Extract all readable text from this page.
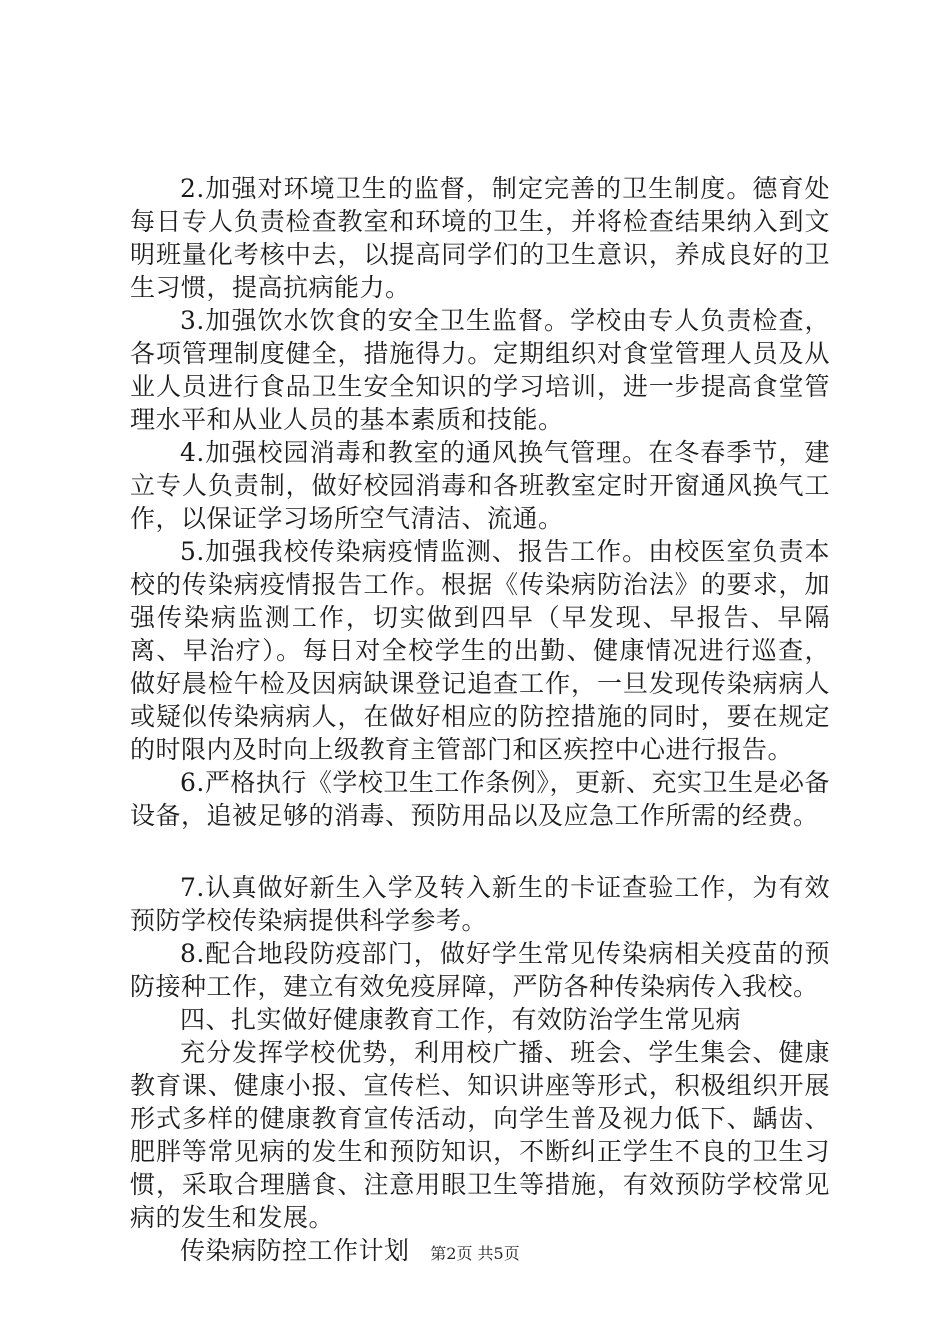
2.加强对环境卫生的监督，制定完善的卫生制度。德育处每日专人负责检查教室和环境的卫生，并将检查结果纳入到文明班量化考核中去，以提高同学们的卫生意识，养成良好的卫生习惯，提高抗病能力。

3.加强饮水饮食的安全卫生监督。学校由专人负责检查，各项管理制度健全，措施得力。定期组织对食堂管理人员及从业人员进行食品卫生安全知识的学习培训，进一步提高食堂管理水平和从业人员的基本素质和技能。

4.加强校园消毒和教室的通风换气管理。在冬春季节，建立专人负责制，做好校园消毒和各班教室定时开窗通风换气工作，以保证学习场所空气清洁、流通。

5.加强我校传染病疫情监测、报告工作。由校医室负责本校的传染病疫情报告工作。根据《传染病防治法》的要求，加强传染病监测工作，切实做到四早（早发现、早报告、早隔离、早治疗）。每日对全校学生的出勤、健康情况进行巡查，做好晨检午检及因病缺课登记追查工作，一旦发现传染病病人或疑似传染病病人，在做好相应的防控措施的同时，要在规定的时限内及时向上级教育主管部门和区疾控中心进行报告。

6.严格执行《学校卫生工作条例》，更新、充实卫生是必备设备，追被足够的消毒、预防用品以及应急工作所需的经费。

7.认真做好新生入学及转入新生的卡证查验工作，为有效预防学校传染病提供科学参考。

8.配合地段防疫部门，做好学生常见传染病相关疫苗的预防接种工作，建立有效免疫屏障，严防各种传染病传入我校。

四、扎实做好健康教育工作，有效防治学生常见病

充分发挥学校优势，利用校广播、班会、学生集会、健康教育课、健康小报、宣传栏、知识讲座等形式，积极组织开展形式多样的健康教育宣传活动，向学生普及视力低下、龋齿、肥胖等常见病的发生和预防知识，不断纠正学生不良的卫生习惯，采取合理膳食、注意用眼卫生等措施，有效预防学校常见病的发生和发展。

传染病防控工作计划	第2页 共5页
